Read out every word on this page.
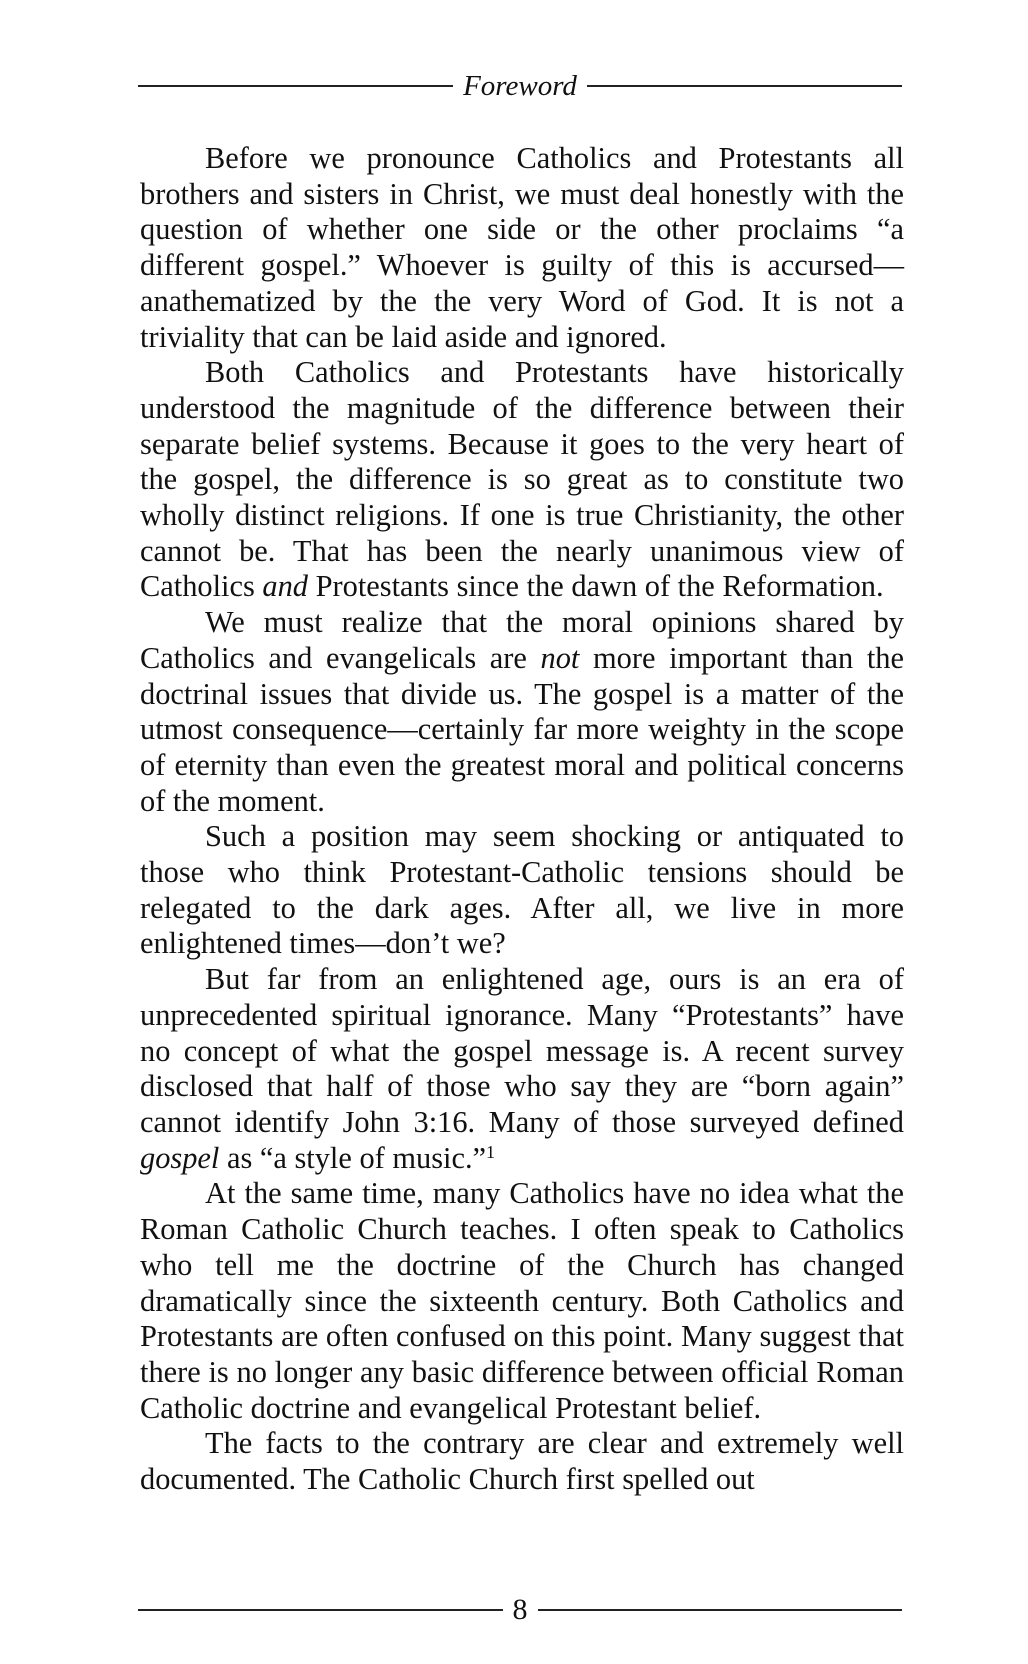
Foreword

Before we pronounce Catholics and Protestants all brothers and sisters in Christ, we must deal honestly with the question of whether one side or the other proclaims “a different gospel.” Whoever is guilty of this is accursed—anathematized by the the very Word of God. It is not a triviality that can be laid aside and ignored.

Both Catholics and Protestants have historically understood the magnitude of the difference between their separate belief systems. Because it goes to the very heart of the gospel, the difference is so great as to constitute two wholly distinct religions. If one is true Christianity, the other cannot be. That has been the nearly unanimous view of Catholics and Protestants since the dawn of the Reformation.

We must realize that the moral opinions shared by Catholics and evangelicals are not more important than the doctrinal issues that divide us. The gospel is a matter of the utmost consequence—certainly far more weighty in the scope of eternity than even the greatest moral and political concerns of the moment.

Such a position may seem shocking or antiquated to those who think Protestant-Catholic tensions should be relegated to the dark ages. After all, we live in more enlightened times—don’t we?

But far from an enlightened age, ours is an era of unprecedented spiritual ignorance. Many “Protestants” have no concept of what the gospel message is. A recent survey disclosed that half of those who say they are “born again” cannot identify John 3:16. Many of those surveyed defined gospel as “a style of music.”$^1$

At the same time, many Catholics have no idea what the Roman Catholic Church teaches. I often speak to Catholics who tell me the doctrine of the Church has changed dramatically since the sixteenth century. Both Catholics and Protestants are often confused on this point. Many suggest that there is no longer any basic difference between official Roman Catholic doctrine and evangelical Protestant belief.

The facts to the contrary are clear and extremely well documented. The Catholic Church first spelled out

8
